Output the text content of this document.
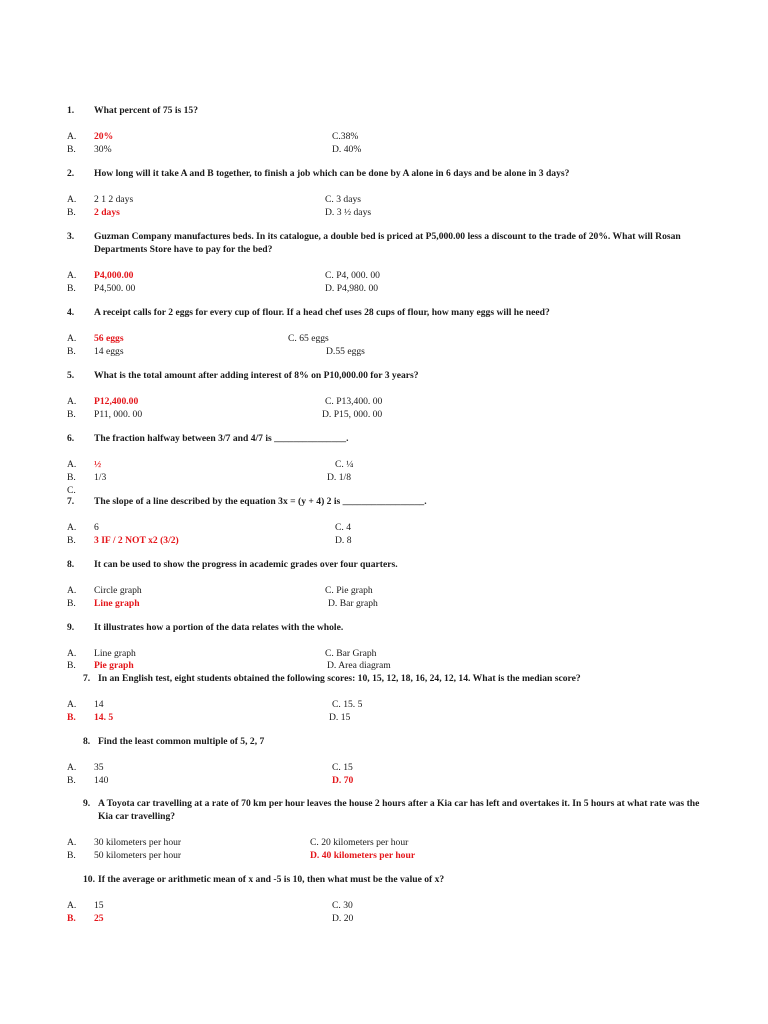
1.	What percent of 75 is 15?
A. 20%	C.38%
B. 30%	D. 40%
2.	How long will it take A and B together, to finish a job which can be done by A alone in 6 days and be alone in 3 days?
A. 2 1 2 days	C. 3 days
B. 2 days	D. 3 ½ days
3.	Guzman Company manufactures beds. In its catalogue, a double bed is priced at P5,000.00 less a discount to the trade of 20%. What will Rosan Departments Store have to pay for the bed?
A. P4,000.00	C. P4, 000. 00
B. P4,500. 00	D. P4,980. 00
4.	A receipt calls for 2 eggs for every cup of flour. If a head chef uses 28 cups of flour, how many eggs will he need?
A. 56 eggs	C. 65 eggs
B. 14 eggs	D.55 eggs
5.	What is the total amount after adding interest of 8% on P10,000.00 for 3 years?
A. P12,400.00	C. P13,400. 00
B. P11, 000. 00	D. P15, 000. 00
6.	The fraction halfway between 3/7 and 4/7 is _______________.
A. ½	C. ¼
B. 1/3	D. 1/8
C.
7.	The slope of a line described by the equation 3x = (y + 4) 2 is _________________.
A. 6	C. 4
B. 3 IF / 2 NOT x2 (3/2)	D. 8
8.	It can be used to show the progress in academic grades over four quarters.
A. Circle graph	C. Pie graph
B. Line graph	D. Bar graph
9.	It illustrates how a portion of the data relates with the whole.
A. Line graph	C. Bar Graph
B. Pie graph	D. Area diagram
7. In an English test, eight students obtained the following scores: 10, 15, 12, 18, 16, 24, 12, 14. What is the median score?
A. 14	C. 15. 5
B. 14. 5	D. 15
8. Find the least common multiple of 5, 2, 7
A. 35	C. 15
B. 140	D. 70
9. A Toyota car travelling at a rate of 70 km per hour leaves the house 2 hours after a Kia car has left and overtakes it. In 5 hours at what rate was the Kia car travelling?
A. 30 kilometers per hour	C. 20 kilometers per hour
B. 50 kilometers per hour	D. 40 kilometers per hour
10. If the average or arithmetic mean of x and -5 is 10, then what must be the value of x?
A. 15	C. 30
B. 25	D. 20
